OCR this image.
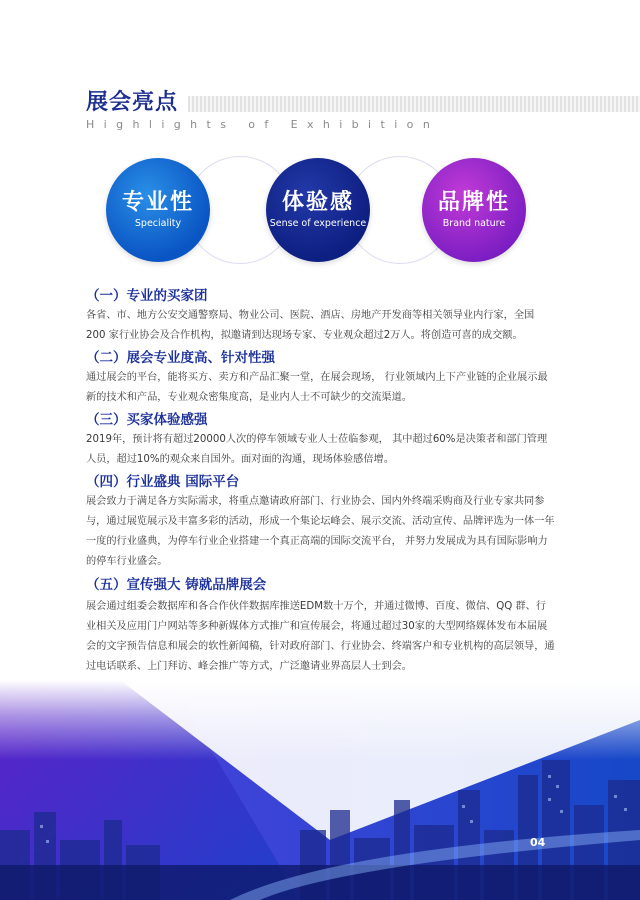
展会亮点
Highlights of Exhibition
专业性
Speciality
体验感
Sense of experience
品牌性
Brand nature
（一）专业的买家团
各省、市、地方公安交通警察局、物业公司、医院、酒店、房地产开发商等相关领导业内行家，全国 200 家行业协会及合作机构，拟邀请到达现场专家、专业观众超过2万人。将创造可喜的成交额。
（二）展会专业度高、针对性强
通过展会的平台，能将买方、卖方和产品汇聚一堂，在展会现场， 行业领域内上下产业链的企业展示最新的技术和产品，专业观众密集度高，是业内人士不可缺少的交流渠道。
（三）买家体验感强
2019年，预计将有超过20000人次的停车领域专业人士莅临参观， 其中超过60%是决策者和部门管理人员，超过10%的观众来自国外。面对面的沟通，现场体验感倍增。
（四）行业盛典 国际平台
展会致力于满足各方实际需求，将重点邀请政府部门、行业协会、国内外终端采购商及行业专家共同参与，通过展览展示及丰富多彩的活动，形成一个集论坛峰会、展示交流、活动宣传、品牌评选为一体一年一度的行业盛典，为停车行业企业搭建一个真正高端的国际交流平台， 并努力发展成为具有国际影响力的停车行业盛会。
（五）宣传强大 铸就品牌展会
展会通过组委会数据库和各合作伙伴数据库推送EDM数十万个，并通过微博、百度、微信、QQ 群、行业相关及应用门户网站等多种新媒体方式推广和宣传展会，将通过超过30家的大型网络媒体发布本届展会的文字预告信息和展会的软性新闻稿，针对政府部门、行业协会、终端客户和专业机构的高层领导，通过电话联系、上门拜访、峰会推广等方式，广泛邀请业界高层人士到会。
04
